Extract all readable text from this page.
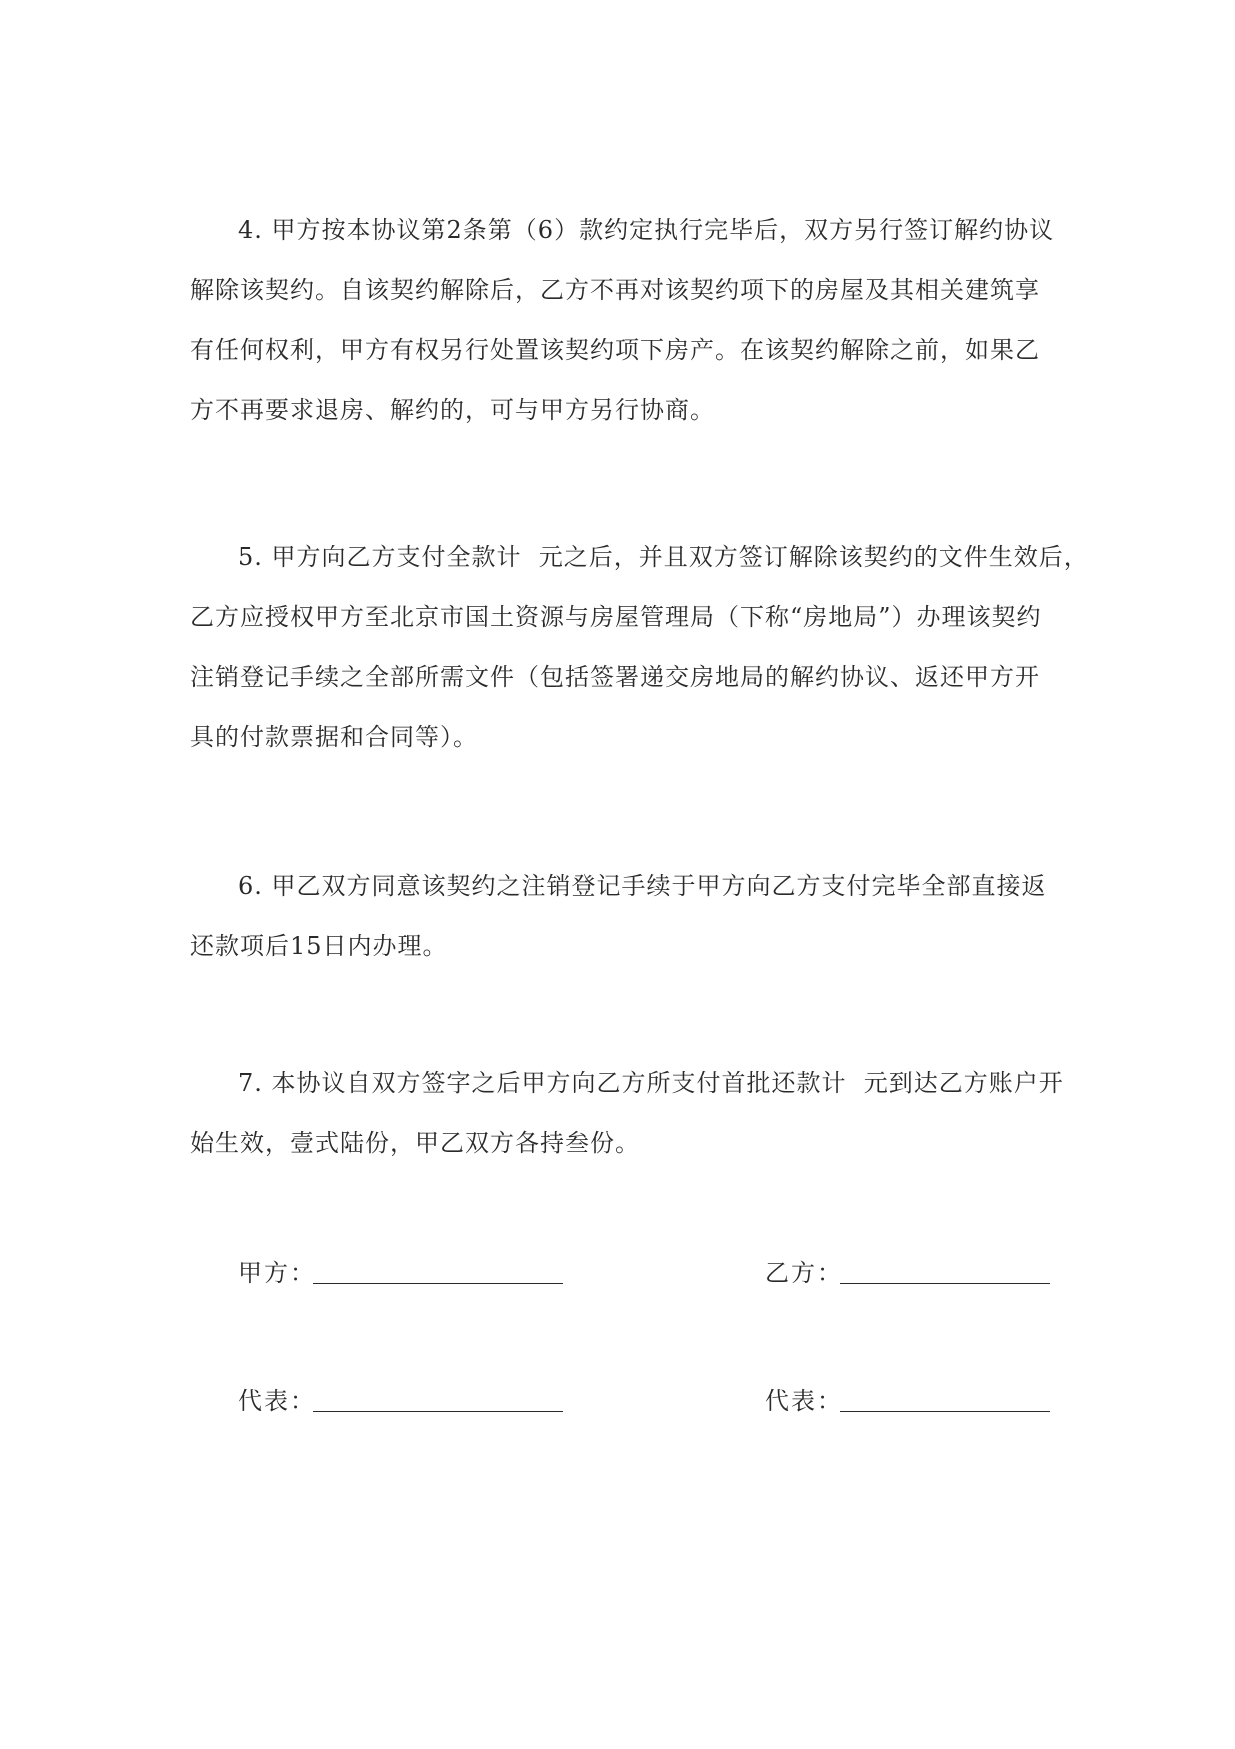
4. 甲方按本协议第2条第（6）款约定执行完毕后，双方另行签订解约协议
解除该契约。自该契约解除后，乙方不再对该契约项下的房屋及其相关建筑享
有任何权利，甲方有权另行处置该契约项下房产。在该契约解除之前，如果乙
方不再要求退房、解约的，可与甲方另行协商。
5. 甲方向乙方支付全款计  元之后，并且双方签订解除该契约的文件生效后，
乙方应授权甲方至北京市国土资源与房屋管理局（下称“房地局”）办理该契约
注销登记手续之全部所需文件（包括签署递交房地局的解约协议、返还甲方开
具的付款票据和合同等）。
6. 甲乙双方同意该契约之注销登记手续于甲方向乙方支付完毕全部直接返
还款项后15日内办理。
7. 本协议自双方签字之后甲方向乙方所支付首批还款计  元到达乙方账户开
始生效，壹式陆份，甲乙双方各持叁份。
甲方：	乙方：
代表：	代表：
